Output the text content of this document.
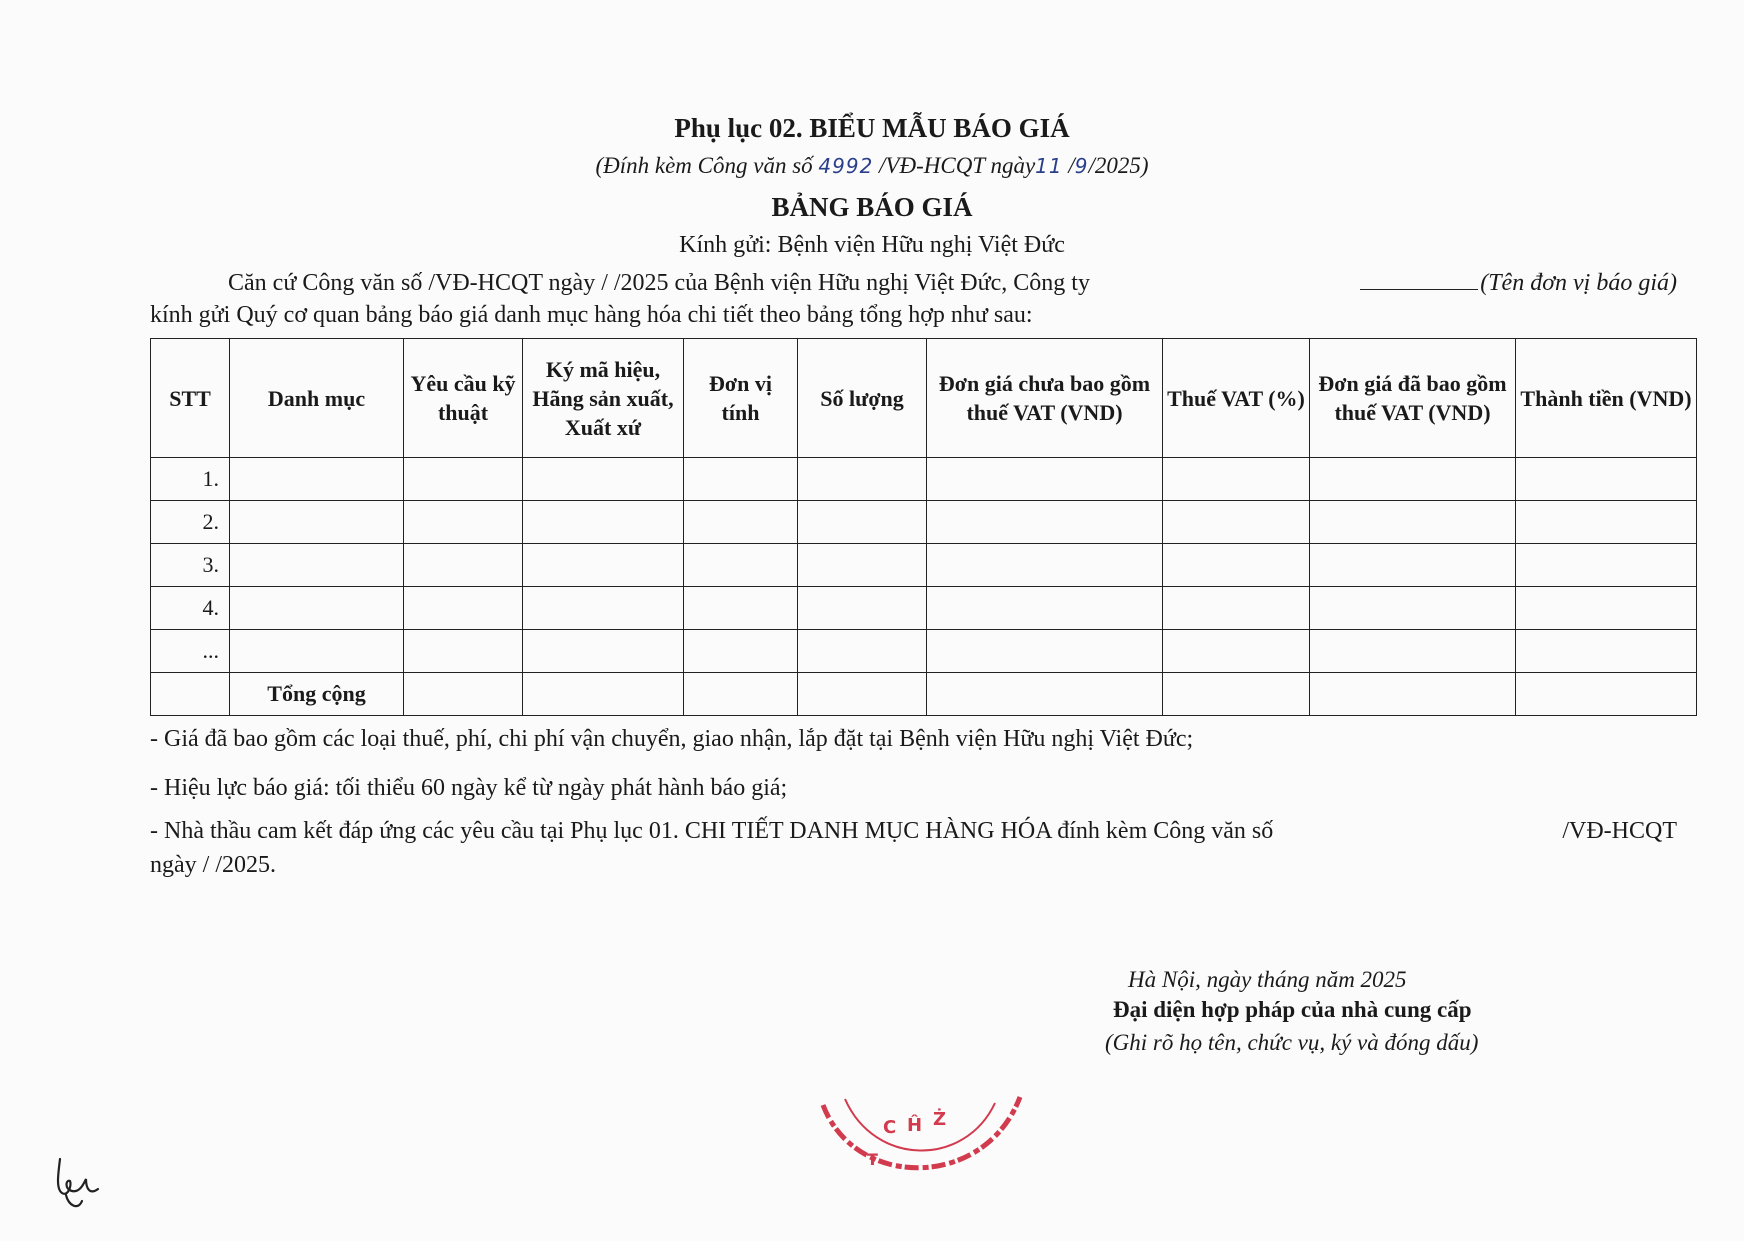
Phụ lục 02. BIỂU MẪU BÁO GIÁ
(Đính kèm Công văn số 4992 /VĐ-HCQT ngày11 /9/2025)
BẢNG BÁO GIÁ
Kính gửi: Bệnh viện Hữu nghị Việt Đức
Căn cứ Công văn số /VĐ-HCQT ngày / /2025 của Bệnh viện Hữu nghị Việt Đức, Công ty	(Tên đơn vị báo giá)
kính gửi Quý cơ quan bảng báo giá danh mục hàng hóa chi tiết theo bảng tổng hợp như sau:
STT	Danh mục	Yêu cầu kỹ thuật	Ký mã hiệu, Hãng sản xuất, Xuất xứ	Đơn vị tính	Số lượng	Đơn giá chưa bao gồm thuế VAT (VND)	Thuế VAT (%)	Đơn giá đã bao gồm thuế VAT (VND)	Thành tiền (VND)
1.									
2.									
3.									
4.									
...									
	Tổng cộng								
- Giá đã bao gồm các loại thuế, phí, chi phí vận chuyển, giao nhận, lắp đặt tại Bệnh viện Hữu nghị Việt Đức;
- Hiệu lực báo giá: tối thiểu 60 ngày kể từ ngày phát hành báo giá;
- Nhà thầu cam kết đáp ứng các yêu cầu tại Phụ lục 01. CHI TIẾT DANH MỤC HÀNG HÓA đính kèm Công văn số	/VĐ-HCQT
ngày / /2025.
Hà Nội, ngày tháng năm 2025
Đại diện hợp pháp của nhà cung cấp
(Ghi rõ họ tên, chức vụ, ký và đóng dấu)
C Ĥ Ż
T
